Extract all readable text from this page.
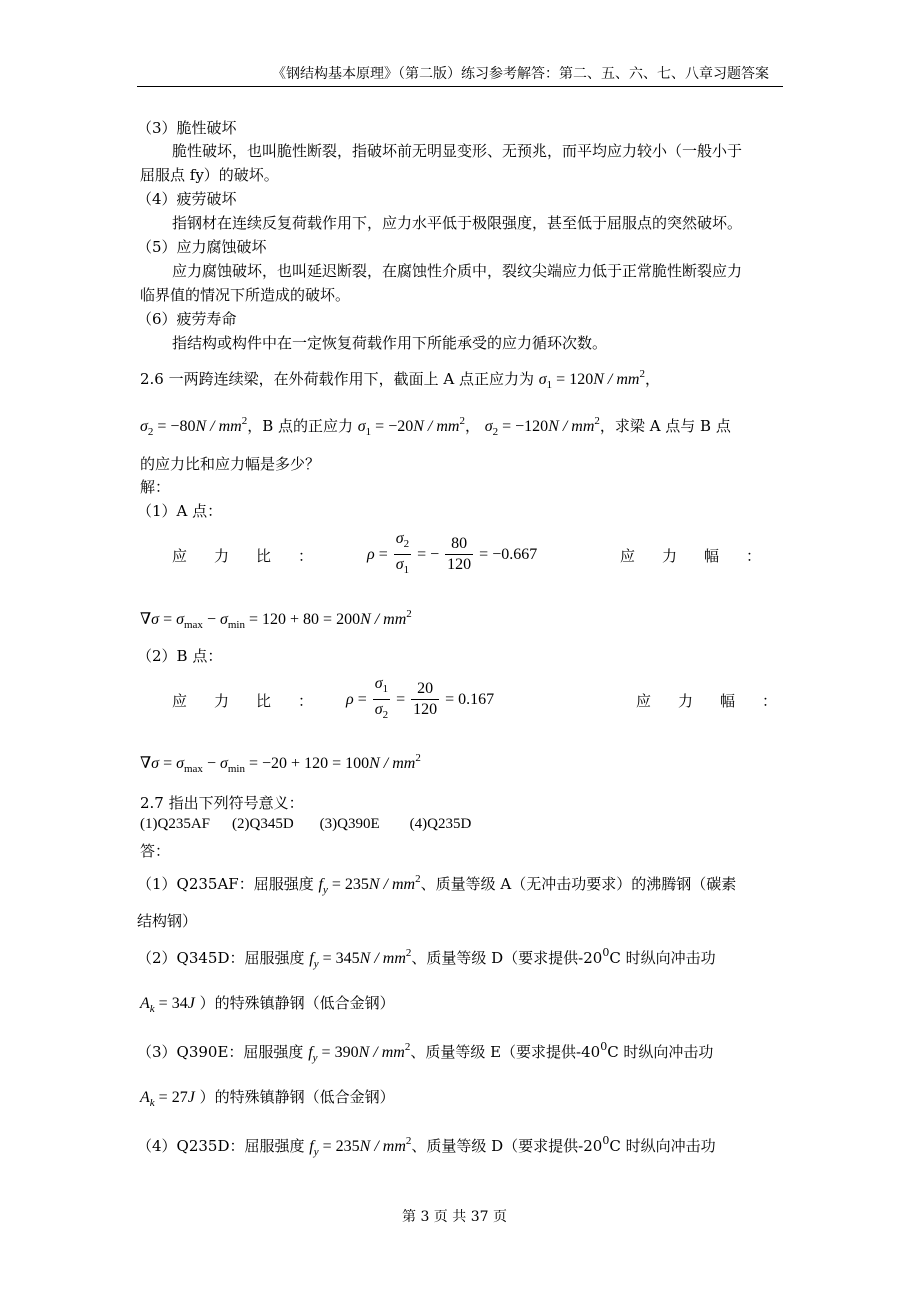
《钢结构基本原理》（第二版）练习参考解答：第二、五、六、七、八章习题答案
（3）脆性破坏
脆性破坏，也叫脆性断裂，指破坏前无明显变形、无预兆，而平均应力较小（一般小于
屈服点 fy）的破坏。
（4）疲劳破坏
指钢材在连续反复荷载作用下，应力水平低于极限强度，甚至低于屈服点的突然破坏。
（5）应力腐蚀破坏
应力腐蚀破坏，也叫延迟断裂，在腐蚀性介质中，裂纹尖端应力低于正常脆性断裂应力
临界值的情况下所造成的破坏。
（6）疲劳寿命
指结构或构件中在一定恢复荷载作用下所能承受的应力循环次数。
2.6 一两跨连续梁，在外荷载作用下，截面上 A 点正应力为 $\sigma_1 = 120N / mm^2$，
$\sigma_2 = -80N / mm^2$，B 点的正应力 $\sigma_1 = -20N / mm^2$， $\sigma_2 = -120N / mm^2$，求梁 A 点与 B 点
的应力比和应力幅是多少？
解：
（1）A 点：
应　力　比　：	$\rho = \frac{\sigma_2}{\sigma_1}$ = − $\frac{80}{120} = -0.667$	应　力　幅　：
$\nabla\sigma = \sigma_{max} - \sigma_{min} = 120 + 80 = 200N / mm^2$
（2）B 点：
应　力　比　： $\rho = \frac{\sigma_1}{\sigma_2} = \frac{20}{120} = 0.167$	应　力　幅　：
$\nabla\sigma = \sigma_{max} - \sigma_{min} = -20 + 120 = 100N / mm^2$
2.7 指出下列符号意义：
(1)Q235AF (2)Q345D (3)Q390E (4)Q235D
答：
（1）Q235AF：屈服强度 $f_y = 235N / mm^2$、质量等级 A（无冲击功要求）的沸腾钢（碳素
结构钢）
（2）Q345D：屈服强度 $f_y = 345N / mm^2$、质量等级 D（要求提供$-20^0C$ 时纵向冲击功
$A_k = 34J$ ）的特殊镇静钢（低合金钢）
（3）Q390E：屈服强度 $f_y = 390N / mm^2$、质量等级 E（要求提供$-40^0C$ 时纵向冲击功
$A_k = 27J$ ）的特殊镇静钢（低合金钢）
（4）Q235D：屈服强度 $f_y = 235N / mm^2$、质量等级 D（要求提供$-20^0C$ 时纵向冲击功
第 3 页 共 37 页
